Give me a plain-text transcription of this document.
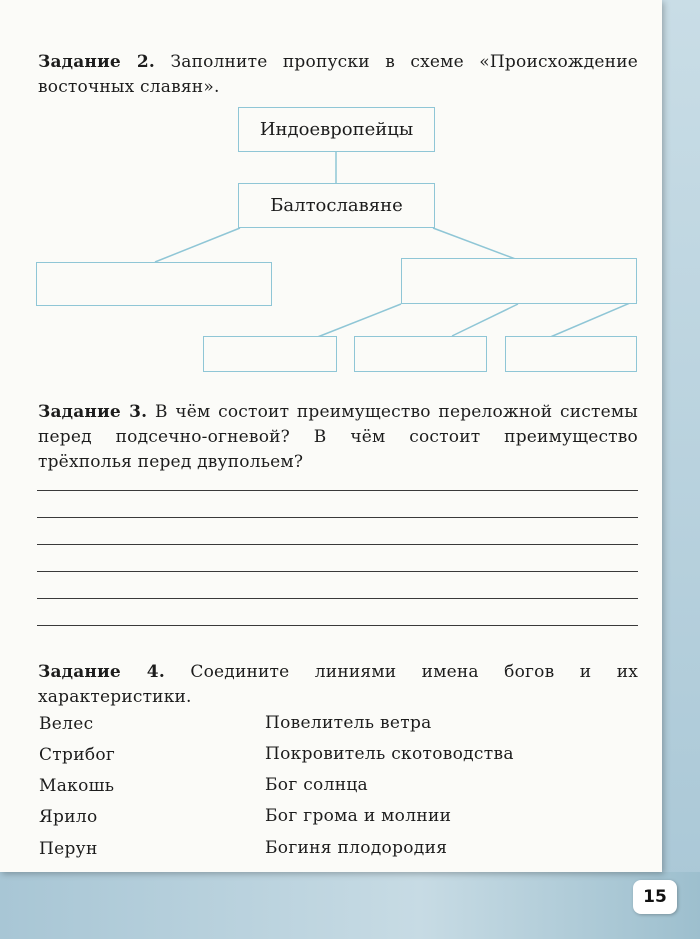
Задание 2. Заполните пропуски в схеме «Происхождение восточных славян».
Индоевропейцы
Балтославяне
Задание 3. В чём состоит преимущество переложной системы перед подсечно-огневой? В чём состоит преимущество трёхполья перед двупольем?
Задание 4. Соедините линиями имена богов и их характеристики.
Велес
Стрибог
Макошь
Ярило
Перун
Повелитель ветра
Покровитель скотоводства
Бог солнца
Бог грома и молнии
Богиня плодородия
15
